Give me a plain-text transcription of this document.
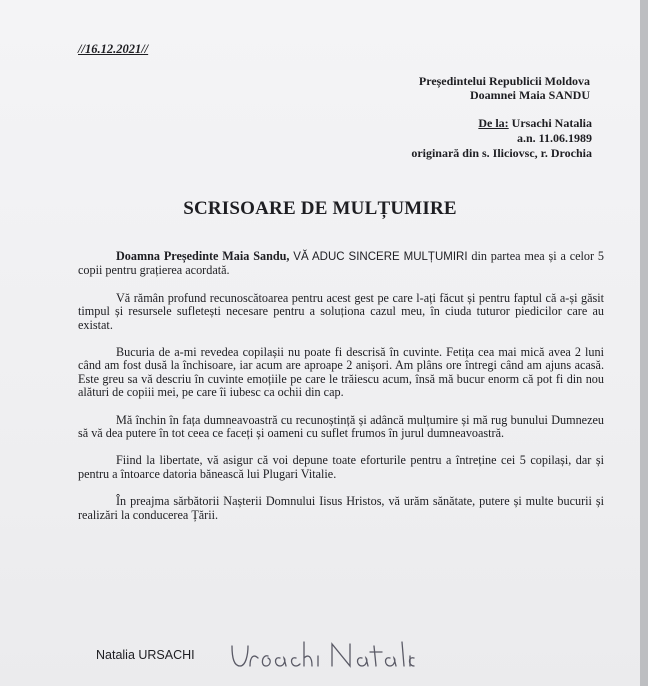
//16.12.2021//
Președintelui Republicii Moldova
Doamnei Maia SANDU
De la: Ursachi Natalia
a.n. 11.06.1989
originară din s. Iliciovsc, r. Drochia
SCRISOARE DE MULȚUMIRE

Doamna Președinte Maia Sandu, VĂ ADUC SINCERE MULȚUMIRI din partea mea și a celor 5 copii pentru grațierea acordată.

Vă rămân profund recunoscătoarea pentru acest gest pe care l-ați făcut și pentru faptul că a-și găsit timpul și resursele sufletești necesare pentru a soluționa cazul meu, în ciuda tuturor piedicilor care au existat.

Bucuria de a-mi revedea copilașii nu poate fi descrisă în cuvinte. Fetița cea mai mică avea 2 luni când am fost dusă la închisoare, iar acum are aproape 2 anișori. Am plâns ore întregi când am ajuns acasă. Este greu sa vă descriu în cuvinte emoțiile pe care le trăiescu acum, însă mă bucur enorm că pot fi din nou alături de copiii mei, pe care îi iubesc ca ochii din cap.

Mă închin în fața dumneavoastră cu recunoștință și adâncă mulțumire și mă rug bunului Dumnezeu să vă dea putere în tot ceea ce faceți și oameni cu suflet frumos în jurul dumneavoastră.

Fiind la libertate, vă asigur că voi depune toate eforturile pentru a întreține cei 5 copilași, dar și pentru a întoarce datoria bănească lui Plugari Vitalie.

În preajma sărbătorii Nașterii Domnului Iisus Hristos, vă urăm sănătate, putere și multe bucurii și realizări la conducerea Țării.

Natalia URSACHI
